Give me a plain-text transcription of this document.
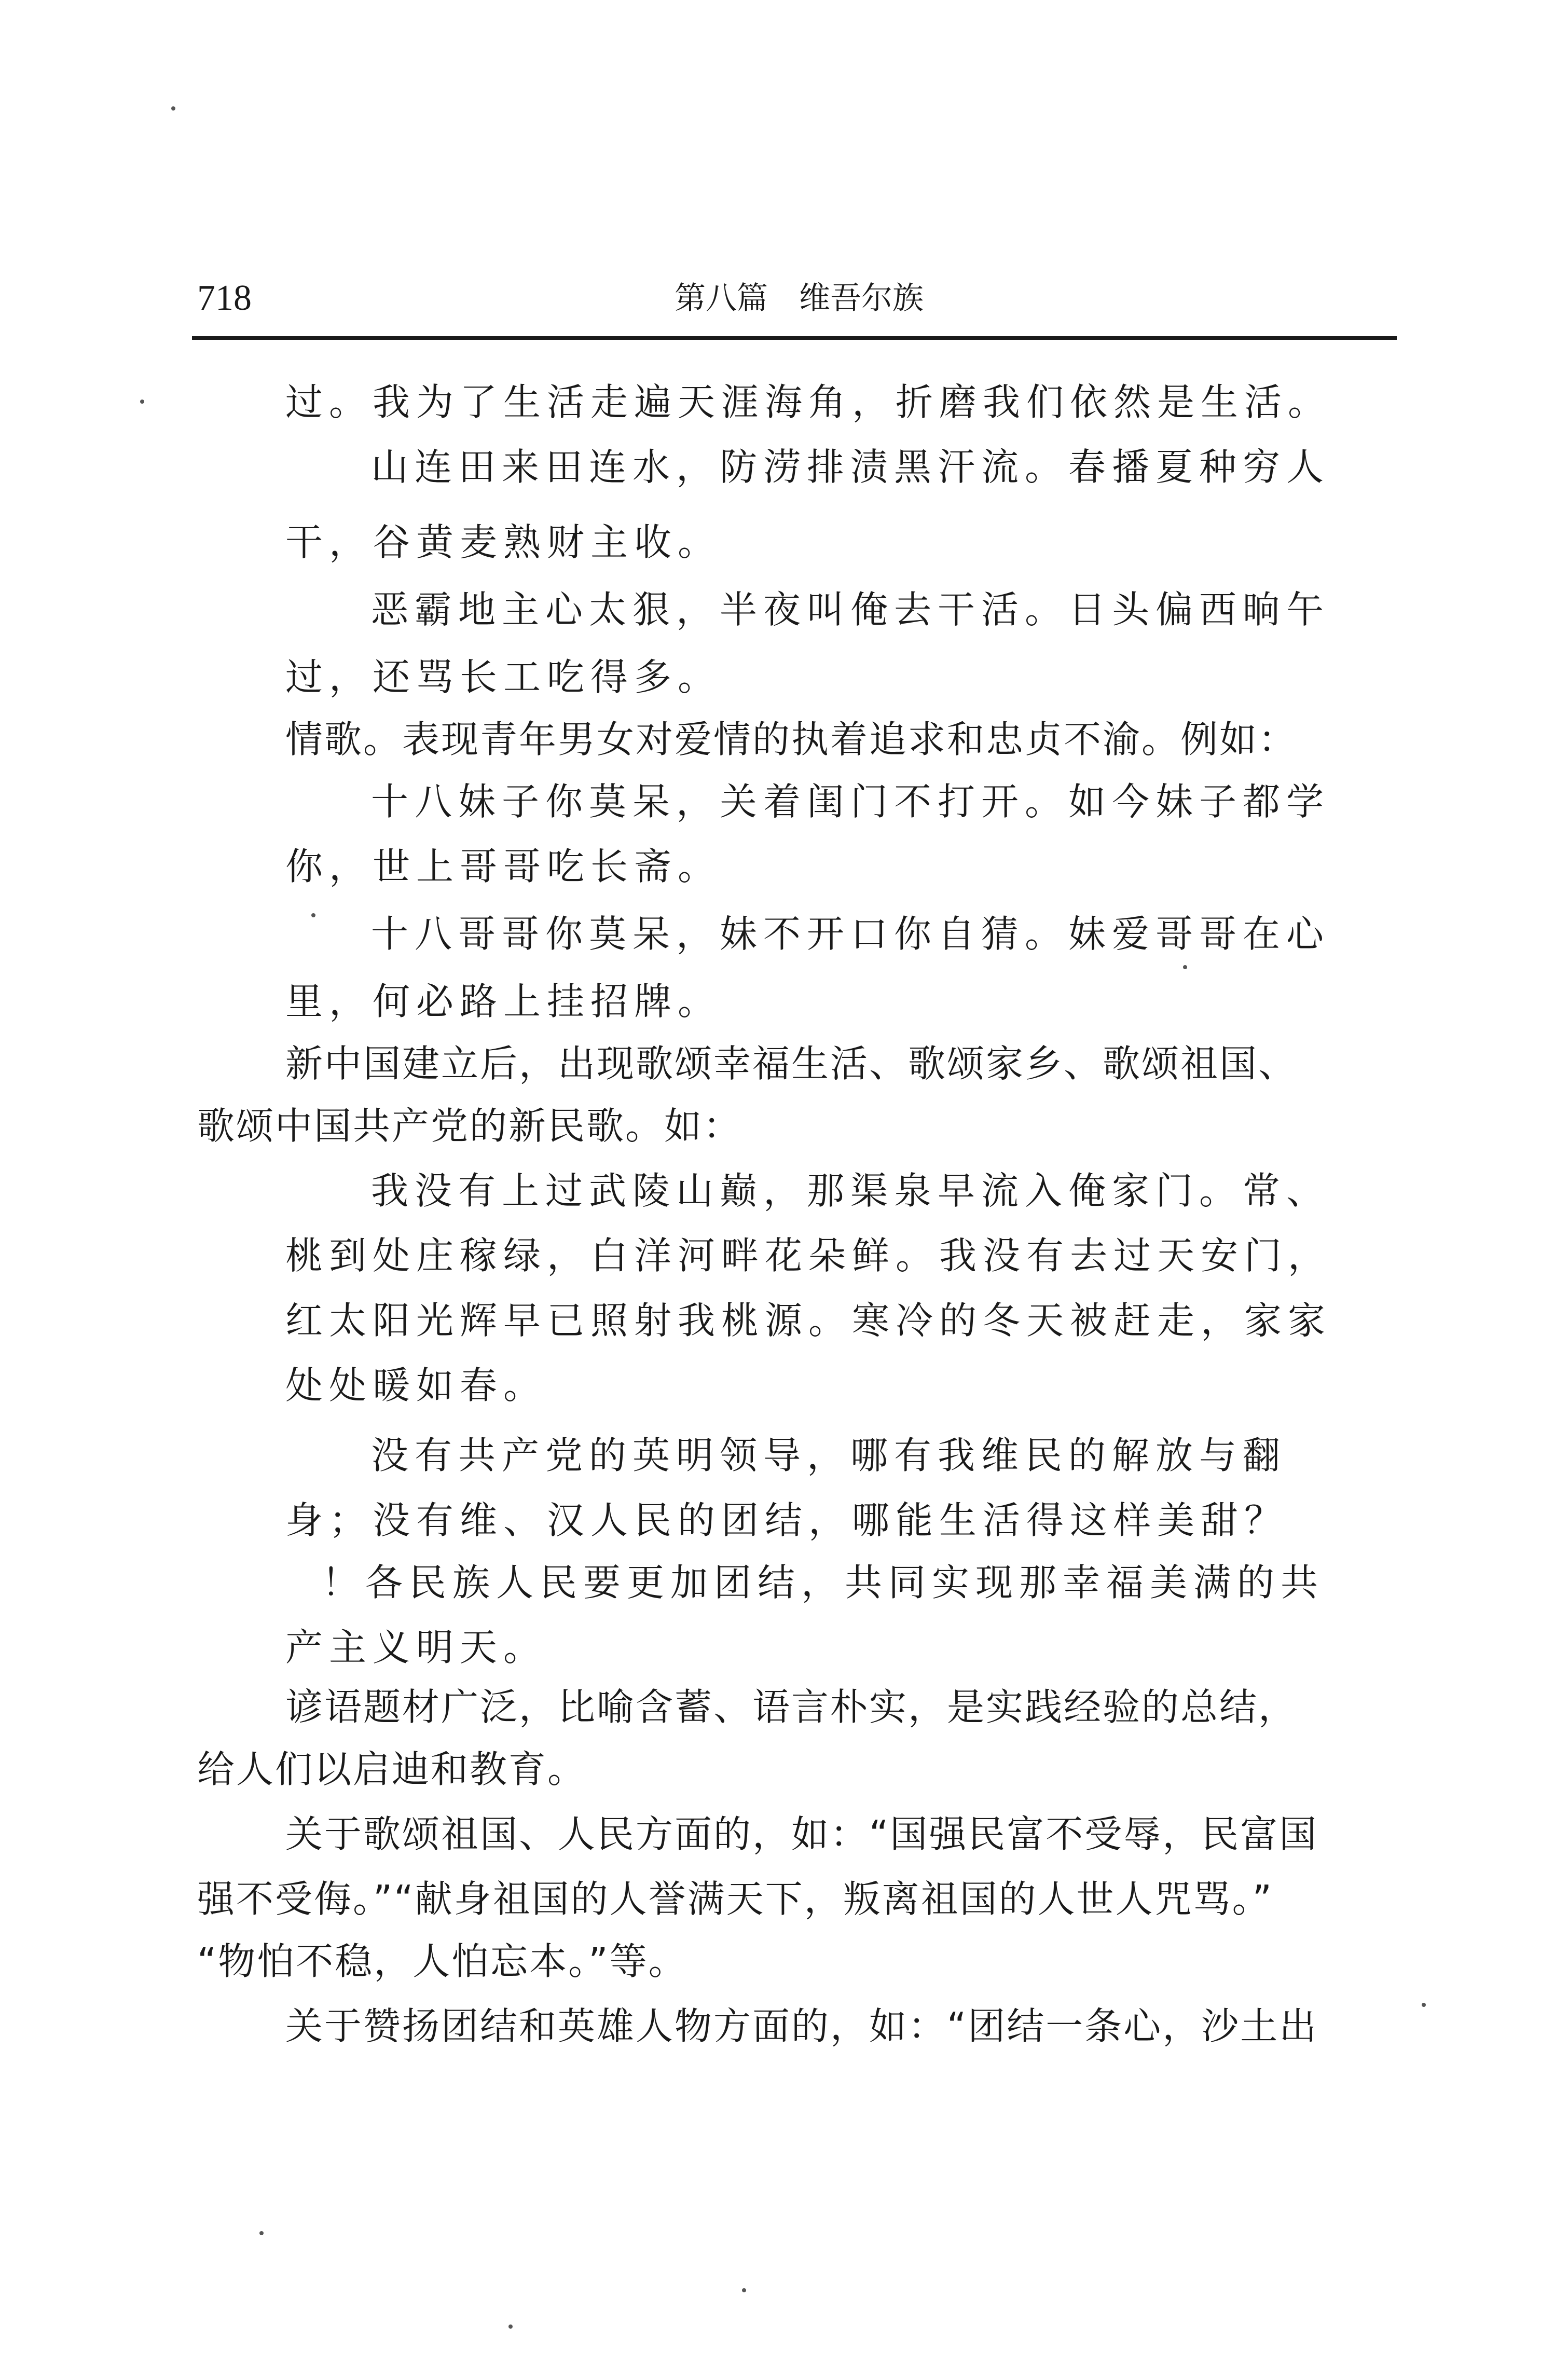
718	第八篇　维吾尔族
过。我为了生活走遍天涯海角，折磨我们依然是生活。
山连田来田连水，防涝排渍黑汗流。春播夏种穷人
干，谷黄麦熟财主收。
恶霸地主心太狠，半夜叫俺去干活。日头偏西晌午
过，还骂长工吃得多。
情歌。表现青年男女对爱情的执着追求和忠贞不渝。例如：
十八妹子你莫呆，关着闺门不打开。如今妹子都学
你，世上哥哥吃长斋。
十八哥哥你莫呆，妹不开口你自猜。妹爱哥哥在心
里，何必路上挂招牌。
新中国建立后，出现歌颂幸福生活、歌颂家乡、歌颂祖国、
歌颂中国共产党的新民歌。如：
我没有上过武陵山巅，那渠泉早流入俺家门。常、
桃到处庄稼绿，白洋河畔花朵鲜。我没有去过天安门，
红太阳光辉早已照射我桃源。寒冷的冬天被赶走，家家
处处暖如春。
没有共产党的英明领导，哪有我维民的解放与翻
身；没有维、汉人民的团结，哪能生活得这样美甜？
！各民族人民要更加团结，共同实现那幸福美满的共
产主义明天。
谚语题材广泛，比喻含蓄、语言朴实，是实践经验的总结，
给人们以启迪和教育。
关于歌颂祖国、人民方面的，如：“国强民富不受辱，民富国
强不受侮。”“献身祖国的人誉满天下，叛离祖国的人世人咒骂。”
“物怕不稳，人怕忘本。”等。
关于赞扬团结和英雄人物方面的，如：“团结一条心，沙土出
